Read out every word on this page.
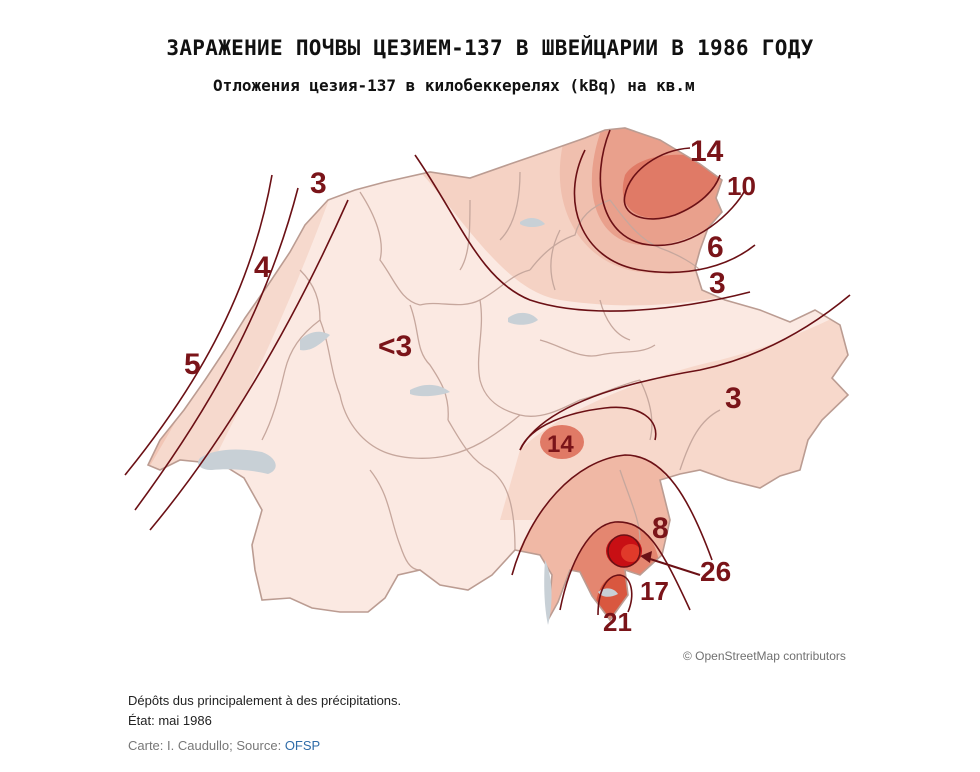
ЗАРАЖЕНИЕ ПОЧВЫ ЦЕЗИЕМ-137 В ШВЕЙЦАРИИ В 1986 ГОДУ
Отложения цезия-137 в килобеккерелях (kBq) на кв.м
3
4
5
<3
14
10
6
3
3
14
8
26
17
21
© OpenStreetMap contributors
Dépôts dus principalement à des précipitations.
État: mai 1986
Carte: I. Caudullo; Source: OFSP
